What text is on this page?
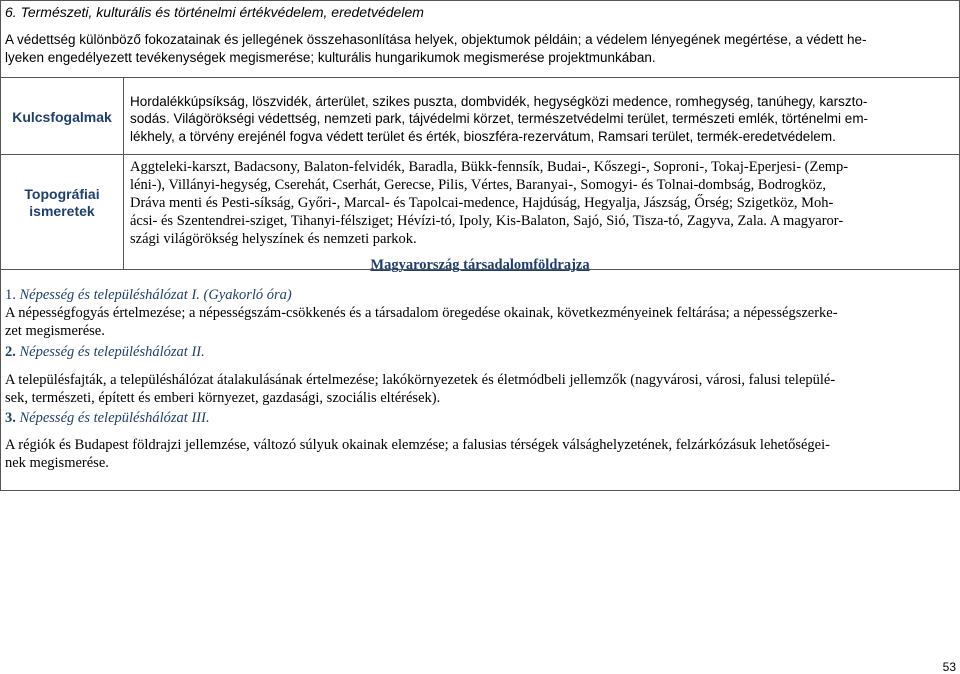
6. Természeti, kulturális és történelmi értékvédelem, eredetvédelem
A védettség különböző fokozatainak és jellegének összehasonlítása helyek, objektumok példáin; a védelem lényegének megértése, a védett he-
lyeken engedélyezett tevékenységek megismerése; kulturális hungarikumok megismerése projektmunkában.
Kulcsfogalmak
Hordalékkúpsíkság, löszvidék, árterület, szikes puszta, dombvidék, hegységközi medence, romhegység, tanúhegy, karszto-
sodás. Világörökségi védettség, nemzeti park, tájvédelmi körzet, természetvédelmi terület, természeti emlék, történelmi em-
lékhely, a törvény erejénél fogva védett terület és érték, bioszféra-rezervátum, Ramsari terület, termék-eredetvédelem.
Topográfiai
ismeretek
Aggteleki-karszt, Badacsony, Balaton-felvidék, Baradla, Bükk-fennsík, Budai-, Kőszegi-, Soproni-, Tokaj-Eperjesi- (Zemp-
léni-), Villányi-hegység, Cserehát, Cserhát, Gerecse, Pilis, Vértes, Baranyai-, Somogyi- és Tolnai-dombság, Bodrogköz,
Dráva menti és Pesti-síkság, Győri-, Marcal- és Tapolcai-medence, Hajdúság, Hegyalja, Jászság, Őrség; Szigetköz, Moh-
ácsi- és Szentendrei-sziget, Tihanyi-félsziget; Hévízi-tó, Ipoly, Kis-Balaton, Sajó, Sió, Tisza-tó, Zagyva, Zala. A magyaror-
szági világörökség helyszínek és nemzeti parkok.
Magyarország társadalomföldrajza
1. Népesség és településhálózat I. (Gyakorló óra)
A népességfogyás értelmezése; a népességszám-csökkenés és a társadalom öregedése okainak, következményeinek feltárása; a népességszerke-
zet megismerése.
2. Népesség és településhálózat II.
A településfajták, a településhálózat átalakulásának értelmezése; lakókörnyezetek és életmódbeli jellemzők (nagyvárosi, városi, falusi települé-
sek, természeti, épített és emberi környezet, gazdasági, szociális eltérések).
3. Népesség és településhálózat III.
A régiók és Budapest földrajzi jellemzése, változó súlyuk okainak elemzése; a falusias térségek válsághelyzetének, felzárkózásuk lehetőségei-
nek megismerése.
53
